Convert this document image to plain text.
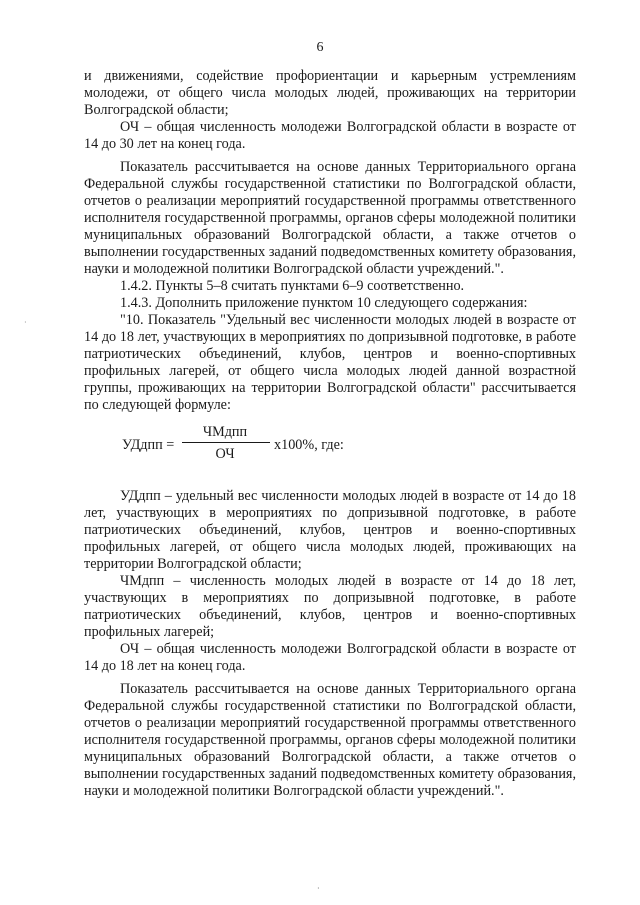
6

и движениями, содействие профориентации и карьерным устремлениям молодежи, от общего числа молодых людей, проживающих на территории Волгоградской области;

ОЧ – общая численность молодежи Волгоградской области в возрасте от 14 до 30 лет на конец года.

Показатель рассчитывается на основе данных Территориального органа Федеральной службы государственной статистики по Волгоградской области, отчетов о реализации мероприятий государственной программы ответственного исполнителя государственной программы, органов сферы молодежной политики муниципальных образований Волгоградской области, а также отчетов о выполнении государственных заданий подведомственных комитету образования, науки и молодежной политики Волгоградской области учреждений.".

1.4.2. Пункты 5–8 считать пунктами 6–9 соответственно.

1.4.3. Дополнить приложение пунктом 10 следующего содержания:

"10. Показатель "Удельный вес численности молодых людей в возрасте от 14 до 18 лет, участвующих в мероприятиях по допризывной подготовке, в работе патриотических объединений, клубов, центров и военно-спортивных профильных лагерей, от общего числа молодых людей данной возрастной группы, проживающих на территории Волгоградской области" рассчитывается по следующей формуле:

УДдпп =
ЧМдпп
ОЧ
x100%, где:

УДдпп – удельный вес численности молодых людей в возрасте от 14 до 18 лет, участвующих в мероприятиях по допризывной подготовке, в работе патриотических объединений, клубов, центров и военно-спортивных профильных лагерей, от общего числа молодых людей, проживающих на территории Волгоградской области;

ЧМдпп – численность молодых людей в возрасте от 14 до 18 лет, участвующих в мероприятиях по допризывной подготовке, в работе патриотических объединений, клубов, центров и военно-спортивных профильных лагерей;

ОЧ – общая численность молодежи Волгоградской области в возрасте от 14 до 18 лет на конец года.

Показатель рассчитывается на основе данных Территориального органа Федеральной службы государственной статистики по Волгоградской области, отчетов о реализации мероприятий государственной программы ответственного исполнителя государственной программы, органов сферы молодежной политики муниципальных образований Волгоградской области, а также отчетов о выполнении государственных заданий подведомственных комитету образования, науки и молодежной политики Волгоградской области учреждений.".

·
·
